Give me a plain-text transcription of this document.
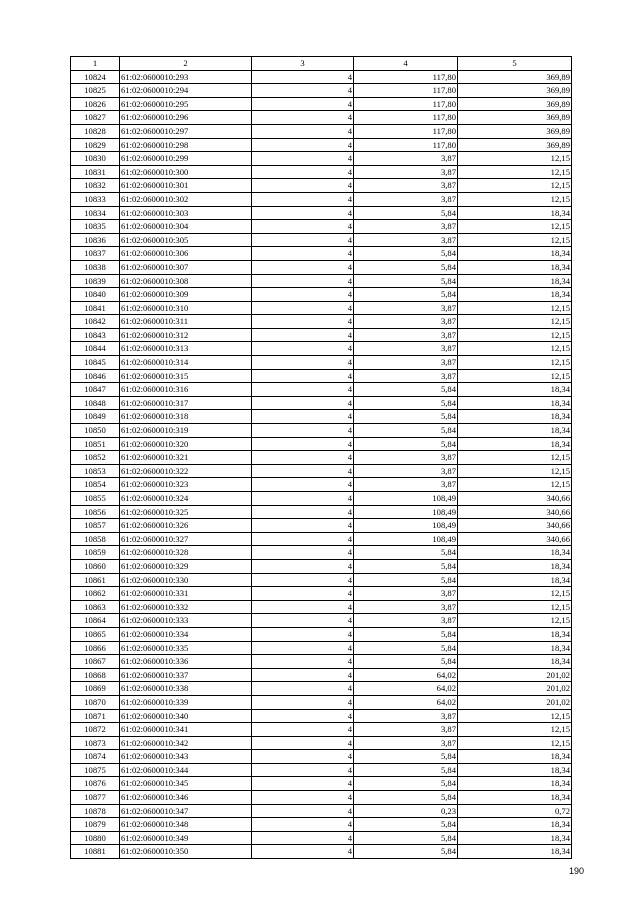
1	2	3	4	5
10824	61:02:0600010:293	4	117,80	369,89
10825	61:02:0600010:294	4	117,80	369,89
10826	61:02:0600010:295	4	117,80	369,89
10827	61:02:0600010:296	4	117,80	369,89
10828	61:02:0600010:297	4	117,80	369,89
10829	61:02:0600010:298	4	117,80	369,89
10830	61:02:0600010:299	4	3,87	12,15
10831	61:02:0600010:300	4	3,87	12,15
10832	61:02:0600010:301	4	3,87	12,15
10833	61:02:0600010:302	4	3,87	12,15
10834	61:02:0600010:303	4	5,84	18,34
10835	61:02:0600010:304	4	3,87	12,15
10836	61:02:0600010:305	4	3,87	12,15
10837	61:02:0600010:306	4	5,84	18,34
10838	61:02:0600010:307	4	5,84	18,34
10839	61:02:0600010:308	4	5,84	18,34
10840	61:02:0600010:309	4	5,84	18,34
10841	61:02:0600010:310	4	3,87	12,15
10842	61:02:0600010:311	4	3,87	12,15
10843	61:02:0600010:312	4	3,87	12,15
10844	61:02:0600010:313	4	3,87	12,15
10845	61:02:0600010:314	4	3,87	12,15
10846	61:02:0600010:315	4	3,87	12,15
10847	61:02:0600010:316	4	5,84	18,34
10848	61:02:0600010:317	4	5,84	18,34
10849	61:02:0600010:318	4	5,84	18,34
10850	61:02:0600010:319	4	5,84	18,34
10851	61:02:0600010:320	4	5,84	18,34
10852	61:02:0600010:321	4	3,87	12,15
10853	61:02:0600010:322	4	3,87	12,15
10854	61:02:0600010:323	4	3,87	12,15
10855	61:02:0600010:324	4	108,49	340,66
10856	61:02:0600010:325	4	108,49	340,66
10857	61:02:0600010:326	4	108,49	340,66
10858	61:02:0600010:327	4	108,49	340,66
10859	61:02:0600010:328	4	5,84	18,34
10860	61:02:0600010:329	4	5,84	18,34
10861	61:02:0600010:330	4	5,84	18,34
10862	61:02:0600010:331	4	3,87	12,15
10863	61:02:0600010:332	4	3,87	12,15
10864	61:02:0600010:333	4	3,87	12,15
10865	61:02:0600010:334	4	5,84	18,34
10866	61:02:0600010:335	4	5,84	18,34
10867	61:02:0600010:336	4	5,84	18,34
10868	61:02:0600010:337	4	64,02	201,02
10869	61:02:0600010:338	4	64,02	201,02
10870	61:02:0600010:339	4	64,02	201,02
10871	61:02:0600010:340	4	3,87	12,15
10872	61:02:0600010:341	4	3,87	12,15
10873	61:02:0600010:342	4	3,87	12,15
10874	61:02:0600010:343	4	5,84	18,34
10875	61:02:0600010:344	4	5,84	18,34
10876	61:02:0600010:345	4	5,84	18,34
10877	61:02:0600010:346	4	5,84	18,34
10878	61:02:0600010:347	4	0,23	0,72
10879	61:02:0600010:348	4	5,84	18,34
10880	61:02:0600010:349	4	5,84	18,34
10881	61:02:0600010:350	4	5,84	18,34
190
